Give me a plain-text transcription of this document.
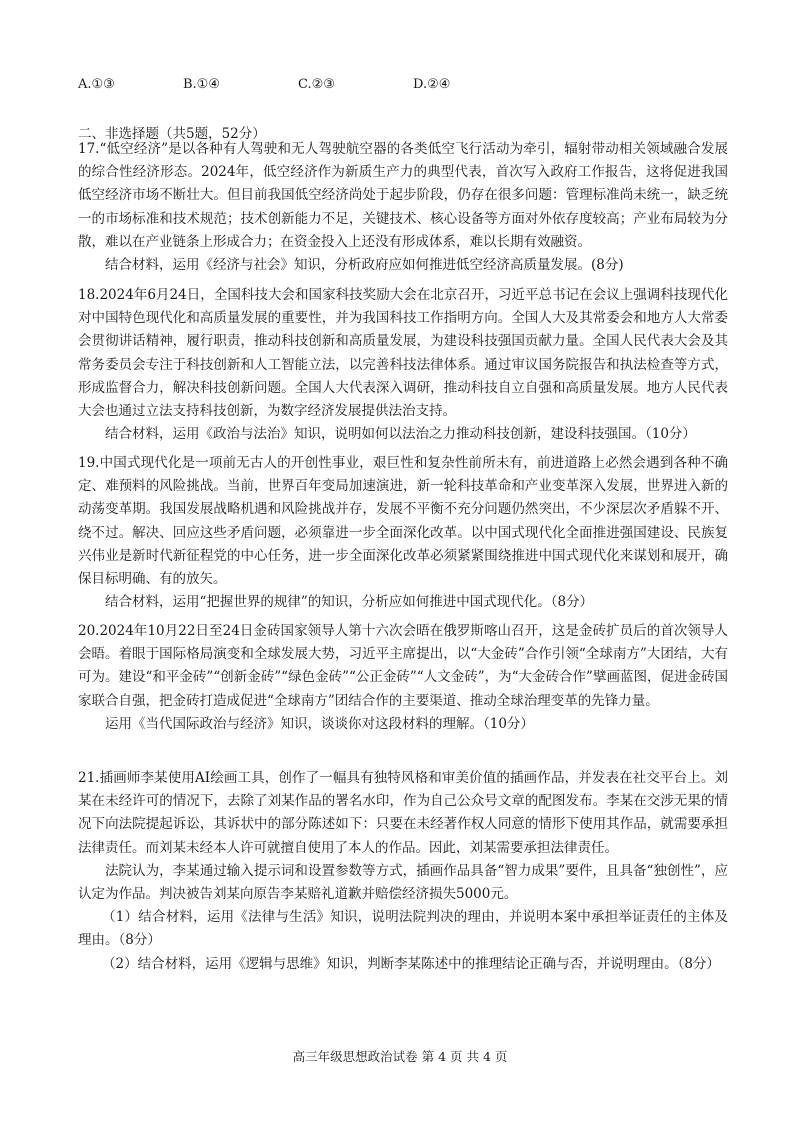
A.①③	B.①④	C.②③	D.②④
二、非选择题（共5题，52分）

17.“低空经济”是以各种有人驾驶和无人驾驶航空器的各类低空飞行活动为牵引，辐射带动相关领域融合发展的综合性经济形态。2024年，低空经济作为新质生产力的典型代表，首次写入政府工作报告，这将促进我国低空经济市场不断壮大。但目前我国低空经济尚处于起步阶段，仍存在很多问题：管理标准尚未统一，缺乏统一的市场标准和技术规范；技术创新能力不足，关键技术、核心设备等方面对外依存度较高；产业布局较为分散，难以在产业链条上形成合力；在资金投入上还没有形成体系，难以长期有效融资。

结合材料，运用《经济与社会》知识，分析政府应如何推进低空经济高质量发展。(8分)

18.2024年6月24日，全国科技大会和国家科技奖励大会在北京召开，习近平总书记在会议上强调科技现代化对中国特色现代化和高质量发展的重要性，并为我国科技工作指明方向。全国人大及其常委会和地方人大常委会贯彻讲话精神，履行职责，推动科技创新和高质量发展，为建设科技强国贡献力量。全国人民代表大会及其常务委员会专注于科技创新和人工智能立法，以完善科技法律体系。通过审议国务院报告和执法检查等方式，形成监督合力，解决科技创新问题。全国人大代表深入调研，推动科技自立自强和高质量发展。地方人民代表大会也通过立法支持科技创新，为数字经济发展提供法治支持。

结合材料，运用《政治与法治》知识，说明如何以法治之力推动科技创新，建设科技强国。（10分）

19.中国式现代化是一项前无古人的开创性事业，艰巨性和复杂性前所未有，前进道路上必然会遇到各种不确定、难预料的风险挑战。当前，世界百年变局加速演进，新一轮科技革命和产业变革深入发展，世界进入新的动荡变革期。我国发展战略机遇和风险挑战并存，发展不平衡不充分问题仍然突出，不少深层次矛盾躲不开、绕不过。解决、回应这些矛盾问题，必须靠进一步全面深化改革。以中国式现代化全面推进强国建设、民族复兴伟业是新时代新征程党的中心任务，进一步全面深化改革必须紧紧围绕推进中国式现代化来谋划和展开，确保目标明确、有的放矢。

结合材料，运用“把握世界的规律”的知识，分析应如何推进中国式现代化。（8分）

20.2024年10月22日至24日金砖国家领导人第十六次会晤在俄罗斯喀山召开，这是金砖扩员后的首次领导人会晤。着眼于国际格局演变和全球发展大势，习近平主席提出，以“大金砖”合作引领“全球南方”大团结，大有可为。建设“和平金砖”“创新金砖”“绿色金砖”“公正金砖”“人文金砖”，为“大金砖合作”擘画蓝图，促进金砖国家联合自强，把金砖打造成促进“全球南方”团结合作的主要渠道、推动全球治理变革的先锋力量。

运用《当代国际政治与经济》知识，谈谈你对这段材料的理解。（10分）

21.插画师李某使用AI绘画工具，创作了一幅具有独特风格和审美价值的插画作品，并发表在社交平台上。刘某在未经许可的情况下，去除了刘某作品的署名水印，作为自己公众号文章的配图发布。李某在交涉无果的情况下向法院提起诉讼，其诉状中的部分陈述如下：只要在未经著作权人同意的情形下使用其作品，就需要承担法律责任。而刘某未经本人许可就擅自使用了本人的作品。因此，刘某需要承担法律责任。

法院认为，李某通过输入提示词和设置参数等方式，插画作品具备“智力成果”要件，且具备“独创性”，应认定为作品。判决被告刘某向原告李某赔礼道歉并赔偿经济损失5000元。

（1）结合材料，运用《法律与生活》知识，说明法院判决的理由，并说明本案中承担举证责任的主体及理由。（8分）

（2）结合材料，运用《逻辑与思维》知识，判断李某陈述中的推理结论正确与否，并说明理由。（8分）

高三年级思想政治试卷 第 4 页 共 4 页
